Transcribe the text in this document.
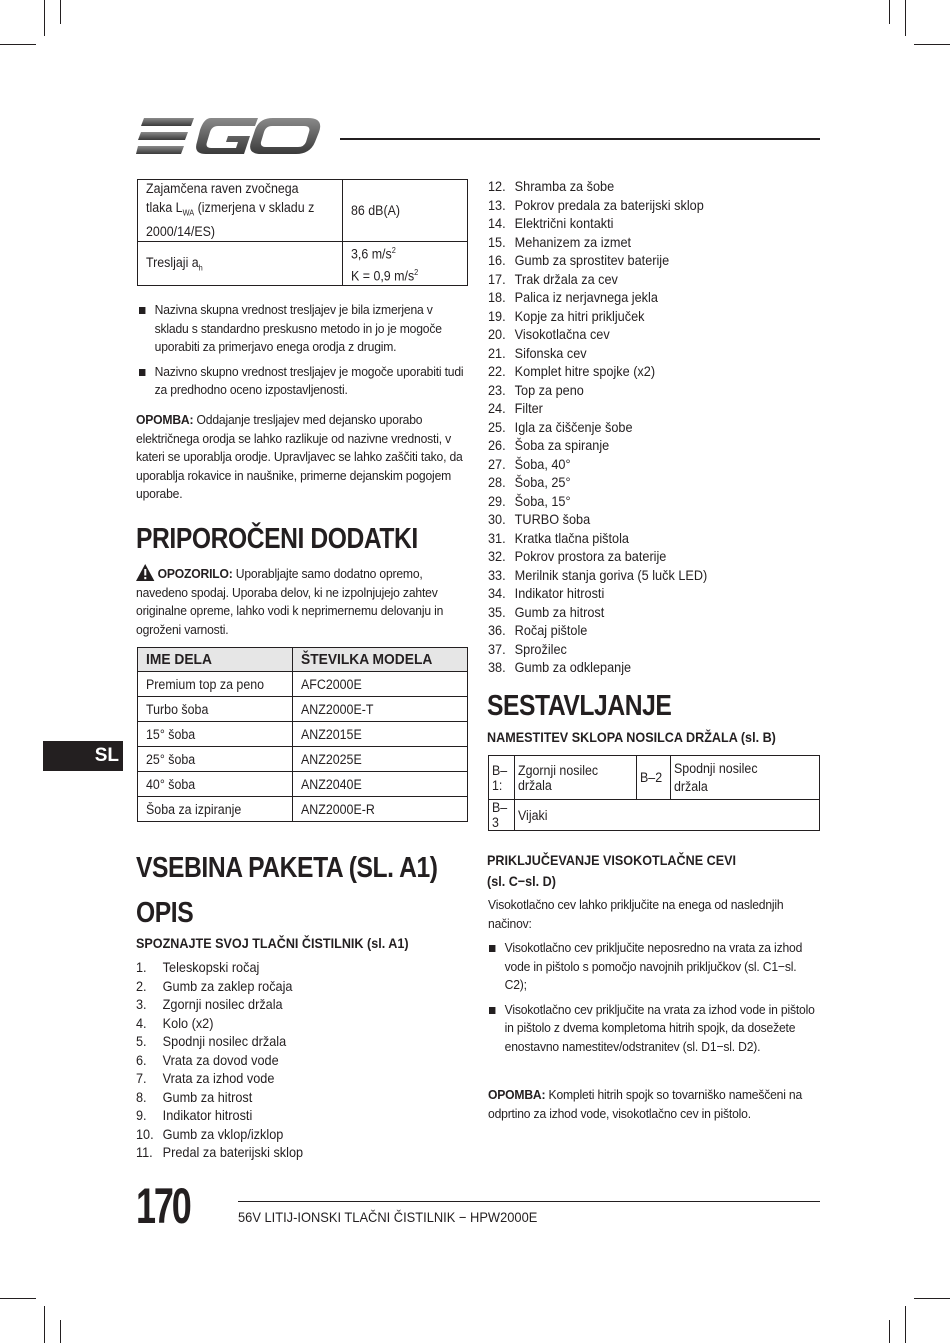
Zajamčena raven zvočnega tlaka $L_{WA}$ (izmerjena v skladu z 2000/14/ES)	86 dB(A)

Tresljaji $a_h$	3,6 $m/s^2$
K = 0,9 $m/s^2$
Nazivna skupna vrednost tresljajev je bila izmerjena v skladu s standardno preskusno metodo in jo je mogoče uporabiti za primerjavo enega orodja z drugim.
Nazivno skupno vrednost tresljajev je mogoče uporabiti tudi za predhodno oceno izpostavljenosti.
OPOMBA: Oddajanje tresljajev med dejansko uporabo električnega orodja se lahko razlikuje od nazivne vrednosti, v kateri se uporablja orodje. Upravljavec se lahko zaščiti tako, da uporablja rokavice in naušnike, primerne dejanskim pogojem uporabe.
PRIPOROČENI DODATKI
OPOZORILO: Uporabljajte samo dodatno opremo, navedeno spodaj. Uporaba delov, ki ne izpolnjujejo zahtev originalne opreme, lahko vodi k neprimernemu delovanju in ogroženi varnosti.
IME DELA	ŠTEVILKA MODELA

Premium top za peno	AFC2000E

Turbo šoba	ANZ2000E-T

15° šoba	ANZ2015E

25° šoba	ANZ2025E

40° šoba	ANZ2040E

Šoba za izpiranje	ANZ2000E-R
SL
VSEBINA PAKETA (SL. A1)
OPIS
SPOZNAJTE SVOJ TLAČNI ČISTILNIK (sl. A1)
1.	Teleskopski ročaj
2.	Gumb za zaklep ročaja
3.	Zgornji nosilec držala
4.	Kolo (x2)
5.	Spodnji nosilec držala
6.	Vrata za dovod vode
7.	Vrata za izhod vode
8.	Gumb za hitrost
9.	Indikator hitrosti
10. Gumb za vklop/izklop
11. Predal za baterijski sklop
12. Shramba za šobe
13. Pokrov predala za baterijski sklop
14. Električni kontakti
15. Mehanizem za izmet
16. Gumb za sprostitev baterije
17. Trak držala za cev
18. Palica iz nerjavnega jekla
19. Kopje za hitri priključek
20. Visokotlačna cev
21. Sifonska cev
22. Komplet hitre spojke (x2)
23. Top za peno
24. Filter
25. Igla za čiščenje šobe
26. Šoba za spiranje
27. Šoba, 40°
28. Šoba, 25°
29. Šoba, 15°
30. TURBO šoba
31. Kratka tlačna pištola
32. Pokrov prostora za baterije
33. Merilnik stanja goriva (5 lučk LED)
34. Indikator hitrosti
35. Gumb za hitrost
36. Ročaj pištole
37. Sprožilec
38. Gumb za odklepanje
SESTAVLJANJE
NAMESTITEV SKLOPA NOSILCA DRŽALA (sl. B)
B–1:	Zgornji nosilec držala	B–2	Spodnji nosilec držala

B–3	Vijaki		
PRIKLJUČEVANJE VISOKOTLAČNE CEVI
(sl. C−sl. D)
Visokotlačno cev lahko priključite na enega od naslednjih načinov:
Visokotlačno cev priključite neposredno na vrata za izhod vode in pištolo s pomočjo navojnih priključkov (sl. C1−sl. C2);
Visokotlačno cev priključite na vrata za izhod vode in pištolo in pištolo z dvema kompletoma hitrih spojk, da dosežete enostavno namestitev/odstranitev (sl. D1−sl. D2).
OPOMBA: Kompleti hitrih spojk so tovarniško nameščeni na odprtino za izhod vode, visokotlačno cev in pištolo.
170	56V LITIJ-IONSKI TLAČNI ČISTILNIK − HPW2000E
